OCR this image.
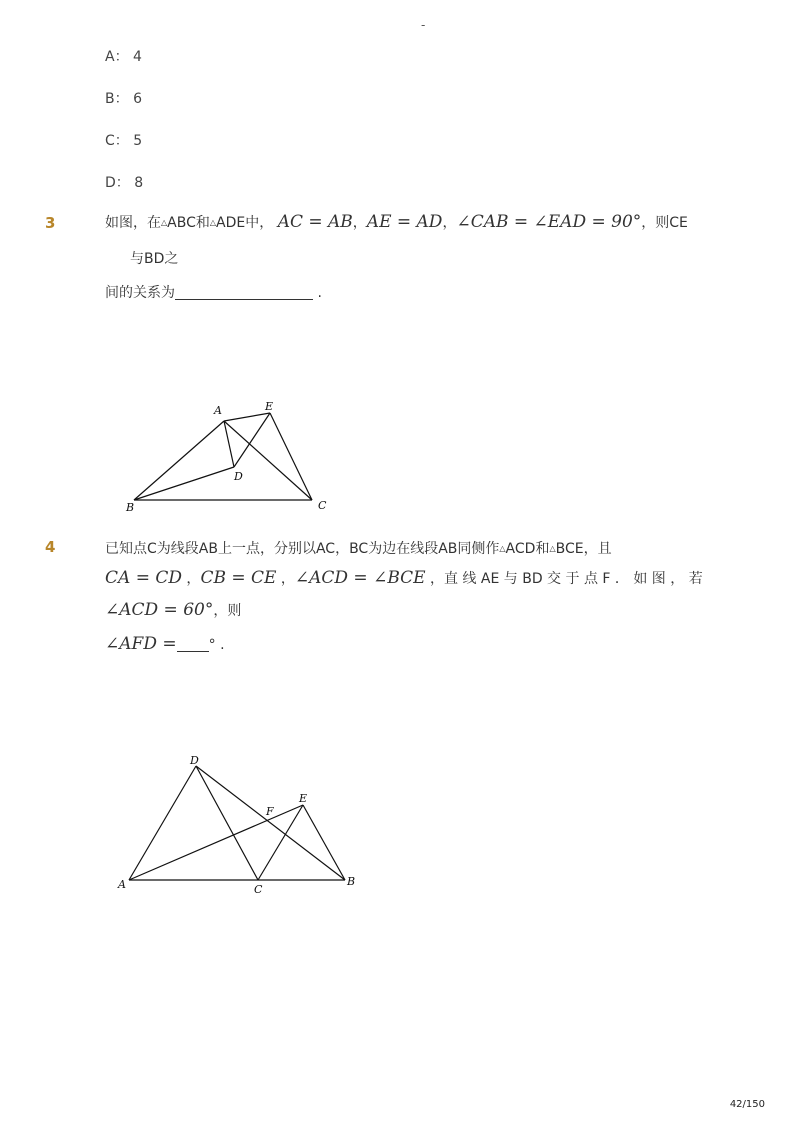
-
A： 4
B： 6
C： 5
D： 8
3	如图，在△ABC和△ADE中， AC = AB，AE = AD，∠CAB = ∠EAD = 90°，则CE
与BD之
间的关系为	.
A	E
D
B	C
4	已知点C为线段AB上一点，分别以AC，BC为边在线段AB同侧作△ACD和△BCE，且
CA = CD ，CB = CE ，∠ACD = ∠BCE ，直 线 AE 与 BD 交 于 点 F ． 如 图 ， 若
∠ACD = 60°，则
∠AFD = ° .
D
F
E
A	C
B
42/150
